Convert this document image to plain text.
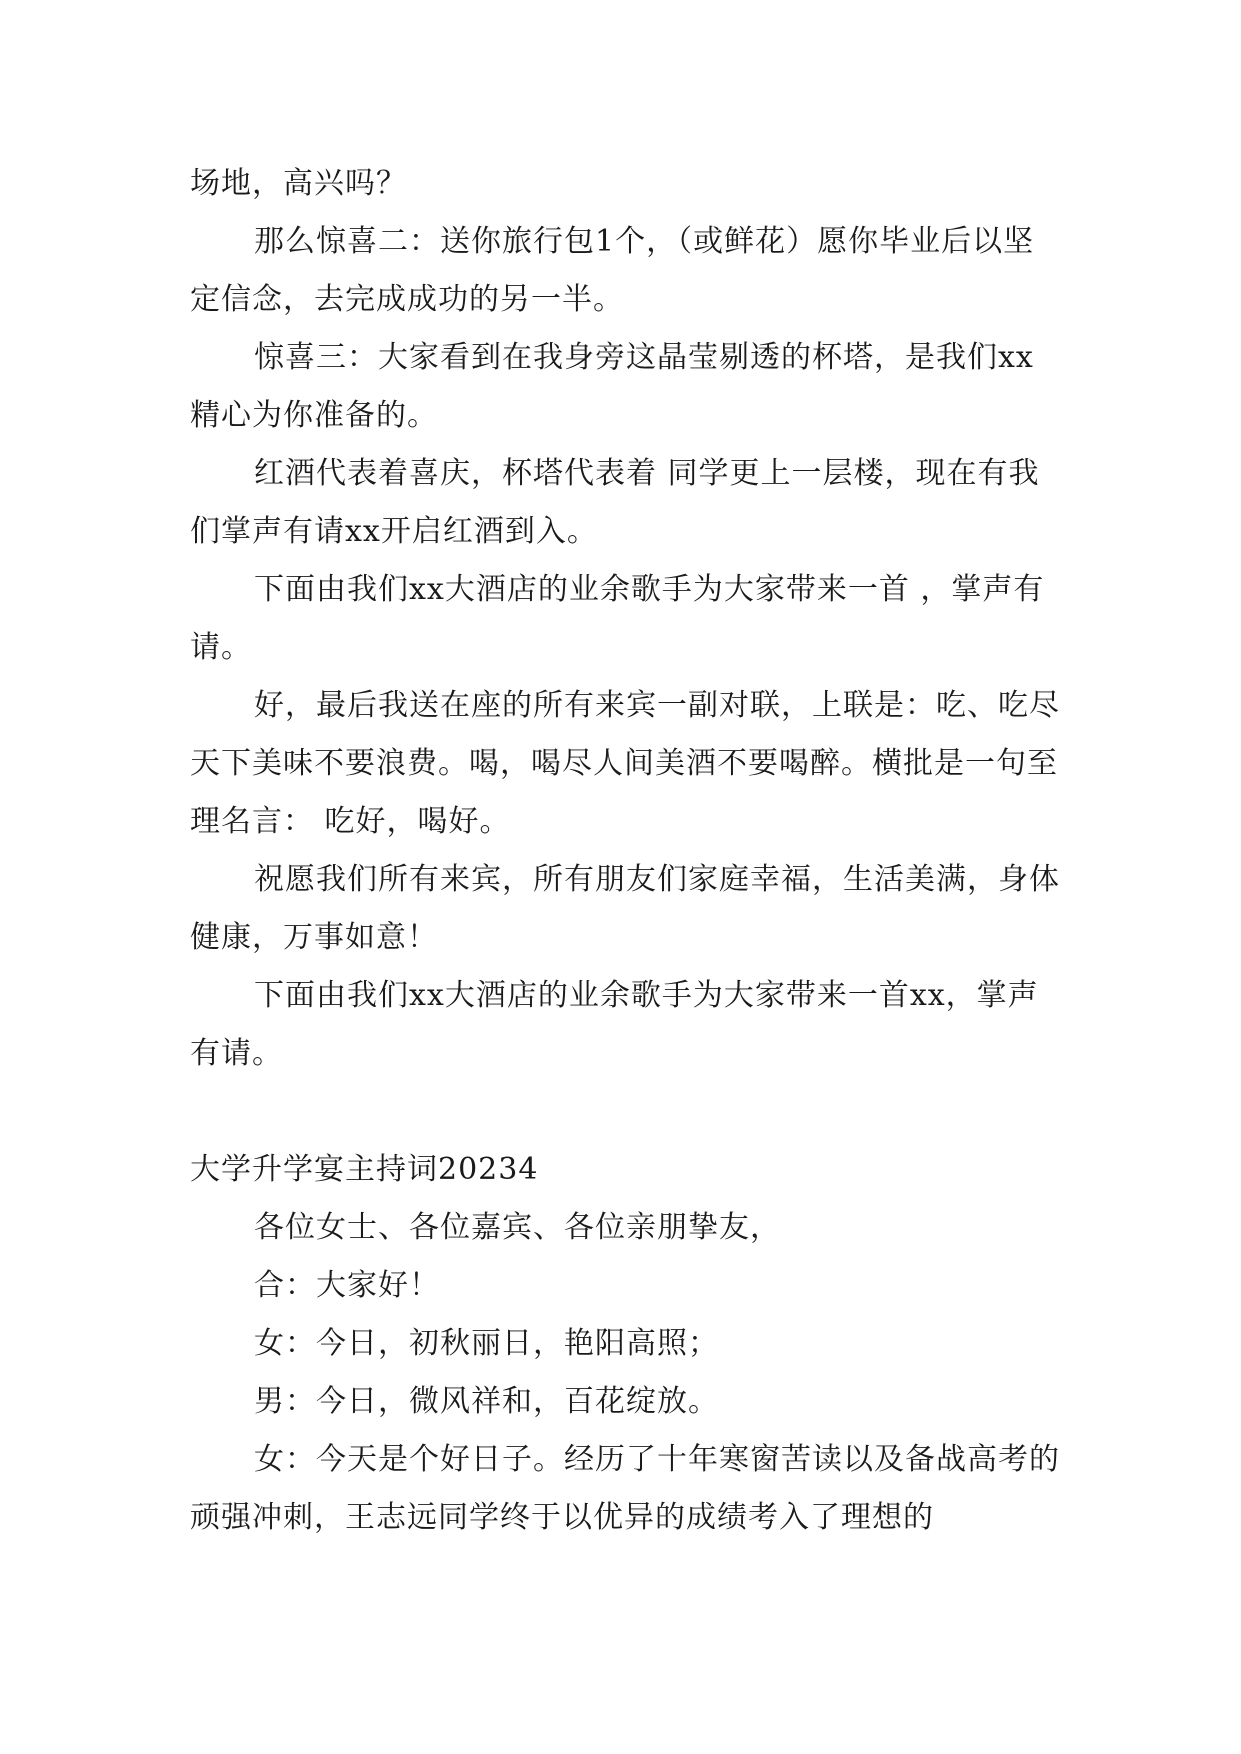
场地，高兴吗？

那么惊喜二：送你旅行包1个，（或鲜花）愿你毕业后以坚定信念，去完成成功的另一半。

惊喜三：大家看到在我身旁这晶莹剔透的杯塔，是我们xx精心为你准备的。

红酒代表着喜庆，杯塔代表着 同学更上一层楼，现在有我们掌声有请xx开启红酒到入。

下面由我们xx大酒店的业余歌手为大家带来一首 ，掌声有请。

好，最后我送在座的所有来宾一副对联，上联是：吃、吃尽天下美味不要浪费。喝，喝尽人间美酒不要喝醉。横批是一句至理名言： 吃好，喝好。

祝愿我们所有来宾，所有朋友们家庭幸福，生活美满，身体健康，万事如意！

下面由我们xx大酒店的业余歌手为大家带来一首xx，掌声有请。

大学升学宴主持词20234

各位女士、各位嘉宾、各位亲朋挚友，

合：大家好！

女：今日，初秋丽日，艳阳高照；

男：今日，微风祥和，百花绽放。

女：今天是个好日子。经历了十年寒窗苦读以及备战高考的顽强冲刺，王志远同学终于以优异的成绩考入了理想的
